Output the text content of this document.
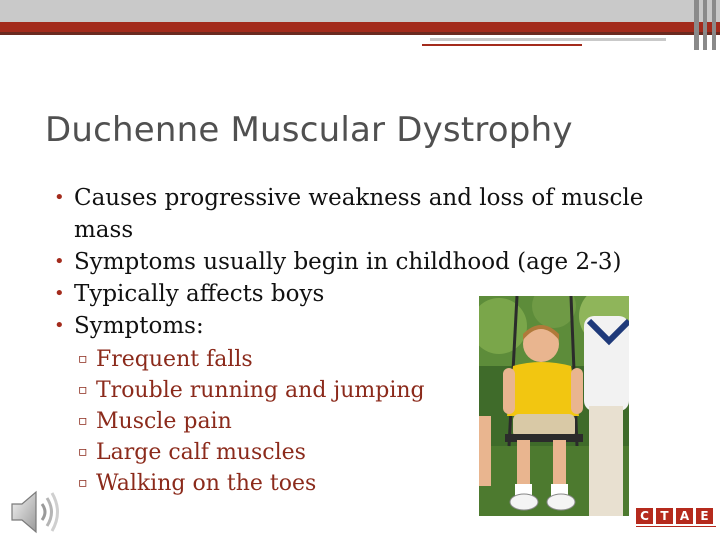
Duchenne Muscular Dystrophy
• Causes progressive weakness and loss of muscle mass
• Symptoms usually begin in childhood (age 2-3)
• Typically affects boys
• Symptoms:
▫ Frequent falls
▫ Trouble running and jumping
▫ Muscle pain
▫ Large calf muscles
▫ Walking on the toes
C T A E
